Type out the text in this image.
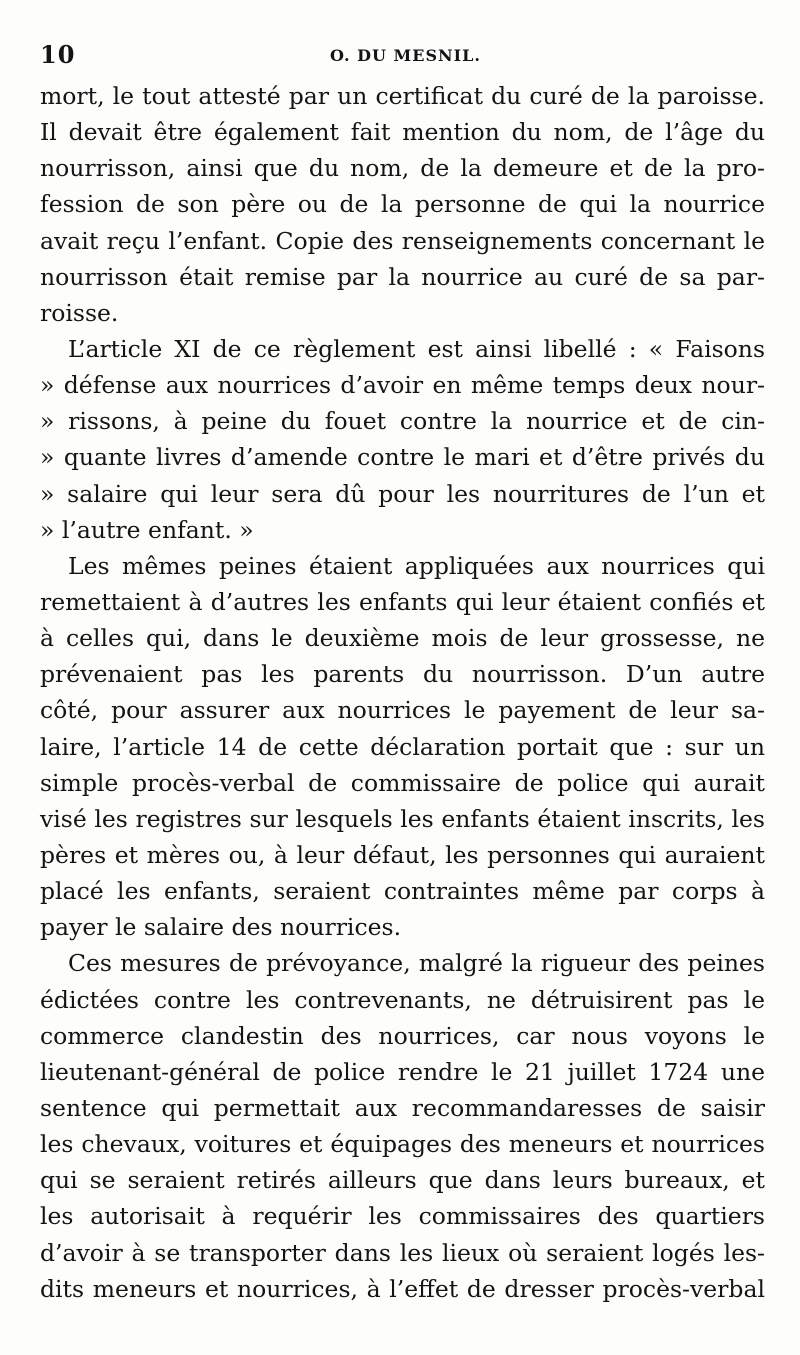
10	O. DU MESNIL.
mort, le tout attesté par un certificat du curé de la paroisse.
Il devait être également fait mention du nom, de l’âge du
nourrisson, ainsi que du nom, de la demeure et de la pro-
fession de son père ou de la personne de qui la nourrice
avait reçu l’enfant. Copie des renseignements concernant le
nourrisson était remise par la nourrice au curé de sa par-
roisse.
L’article XI de ce règlement est ainsi libellé : « Faisons
» défense aux nourrices d’avoir en même temps deux nour-
» rissons, à peine du fouet contre la nourrice et de cin-
» quante livres d’amende contre le mari et d’être privés du
» salaire qui leur sera dû pour les nourritures de l’un et
» l’autre enfant. »
Les mêmes peines étaient appliquées aux nourrices qui
remettaient à d’autres les enfants qui leur étaient confiés et
à celles qui, dans le deuxième mois de leur grossesse, ne
prévenaient pas les parents du nourrisson. D’un autre
côté, pour assurer aux nourrices le payement de leur sa-
laire, l’article 14 de cette déclaration portait que : sur un
simple procès-verbal de commissaire de police qui aurait
visé les registres sur lesquels les enfants étaient inscrits, les
pères et mères ou, à leur défaut, les personnes qui auraient
placé les enfants, seraient contraintes même par corps à
payer le salaire des nourrices.
Ces mesures de prévoyance, malgré la rigueur des peines
édictées contre les contrevenants, ne détruisirent pas le
commerce clandestin des nourrices, car nous voyons le
lieutenant-général de police rendre le 21 juillet 1724 une
sentence qui permettait aux recommandaresses de saisir
les chevaux, voitures et équipages des meneurs et nourrices
qui se seraient retirés ailleurs que dans leurs bureaux, et
les autorisait à requérir les commissaires des quartiers
d’avoir à se transporter dans les lieux où seraient logés les-
dits meneurs et nourrices, à l’effet de dresser procès-verbal
